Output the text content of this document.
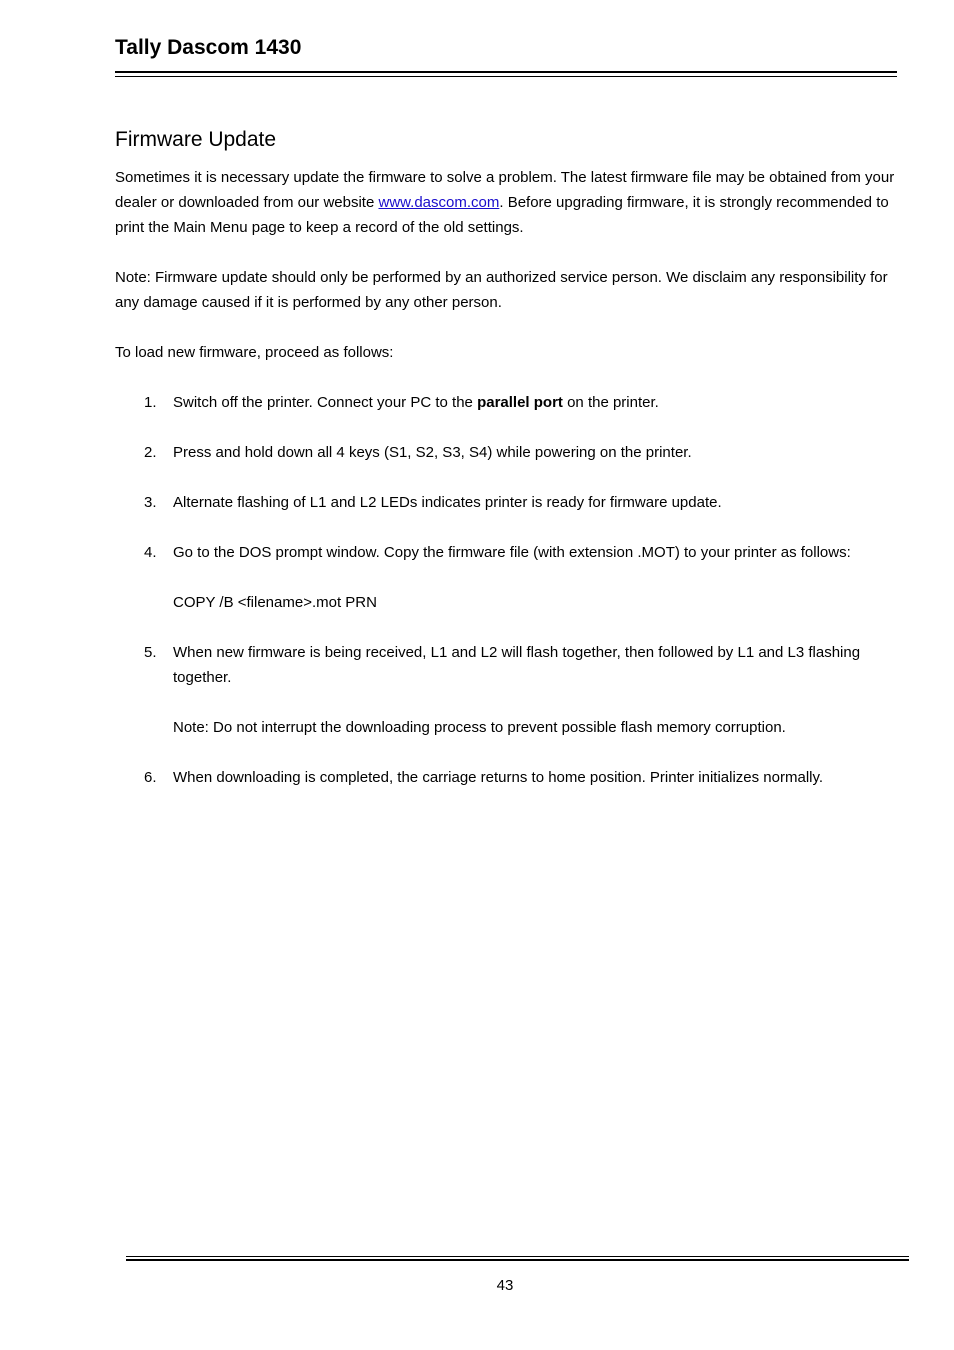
Tally Dascom 1430
Firmware Update

Sometimes it is necessary update the firmware to solve a problem. The latest firmware file may be obtained from your dealer or downloaded from our website www.dascom.com. Before upgrading firmware, it is strongly recommended to print the Main Menu page to keep a record of the old settings.

Note: Firmware update should only be performed by an authorized service person. We disclaim any responsibility for any damage caused if it is performed by any other person.

To load new firmware, proceed as follows:

1. Switch off the printer. Connect your PC to the parallel port on the printer.
2. Press and hold down all 4 keys (S1, S2, S3, S4) while powering on the printer.
3. Alternate flashing of L1 and L2 LEDs indicates printer is ready for firmware update.
4. Go to the DOS prompt window. Copy the firmware file (with extension .MOT) to your printer as follows:
COPY /B <filename>.mot PRN
5. When new firmware is being received, L1 and L2 will flash together, then followed by L1 and L3 flashing together.
Note: Do not interrupt the downloading process to prevent possible flash memory corruption.
6. When downloading is completed, the carriage returns to home position. Printer initializes normally.
43
